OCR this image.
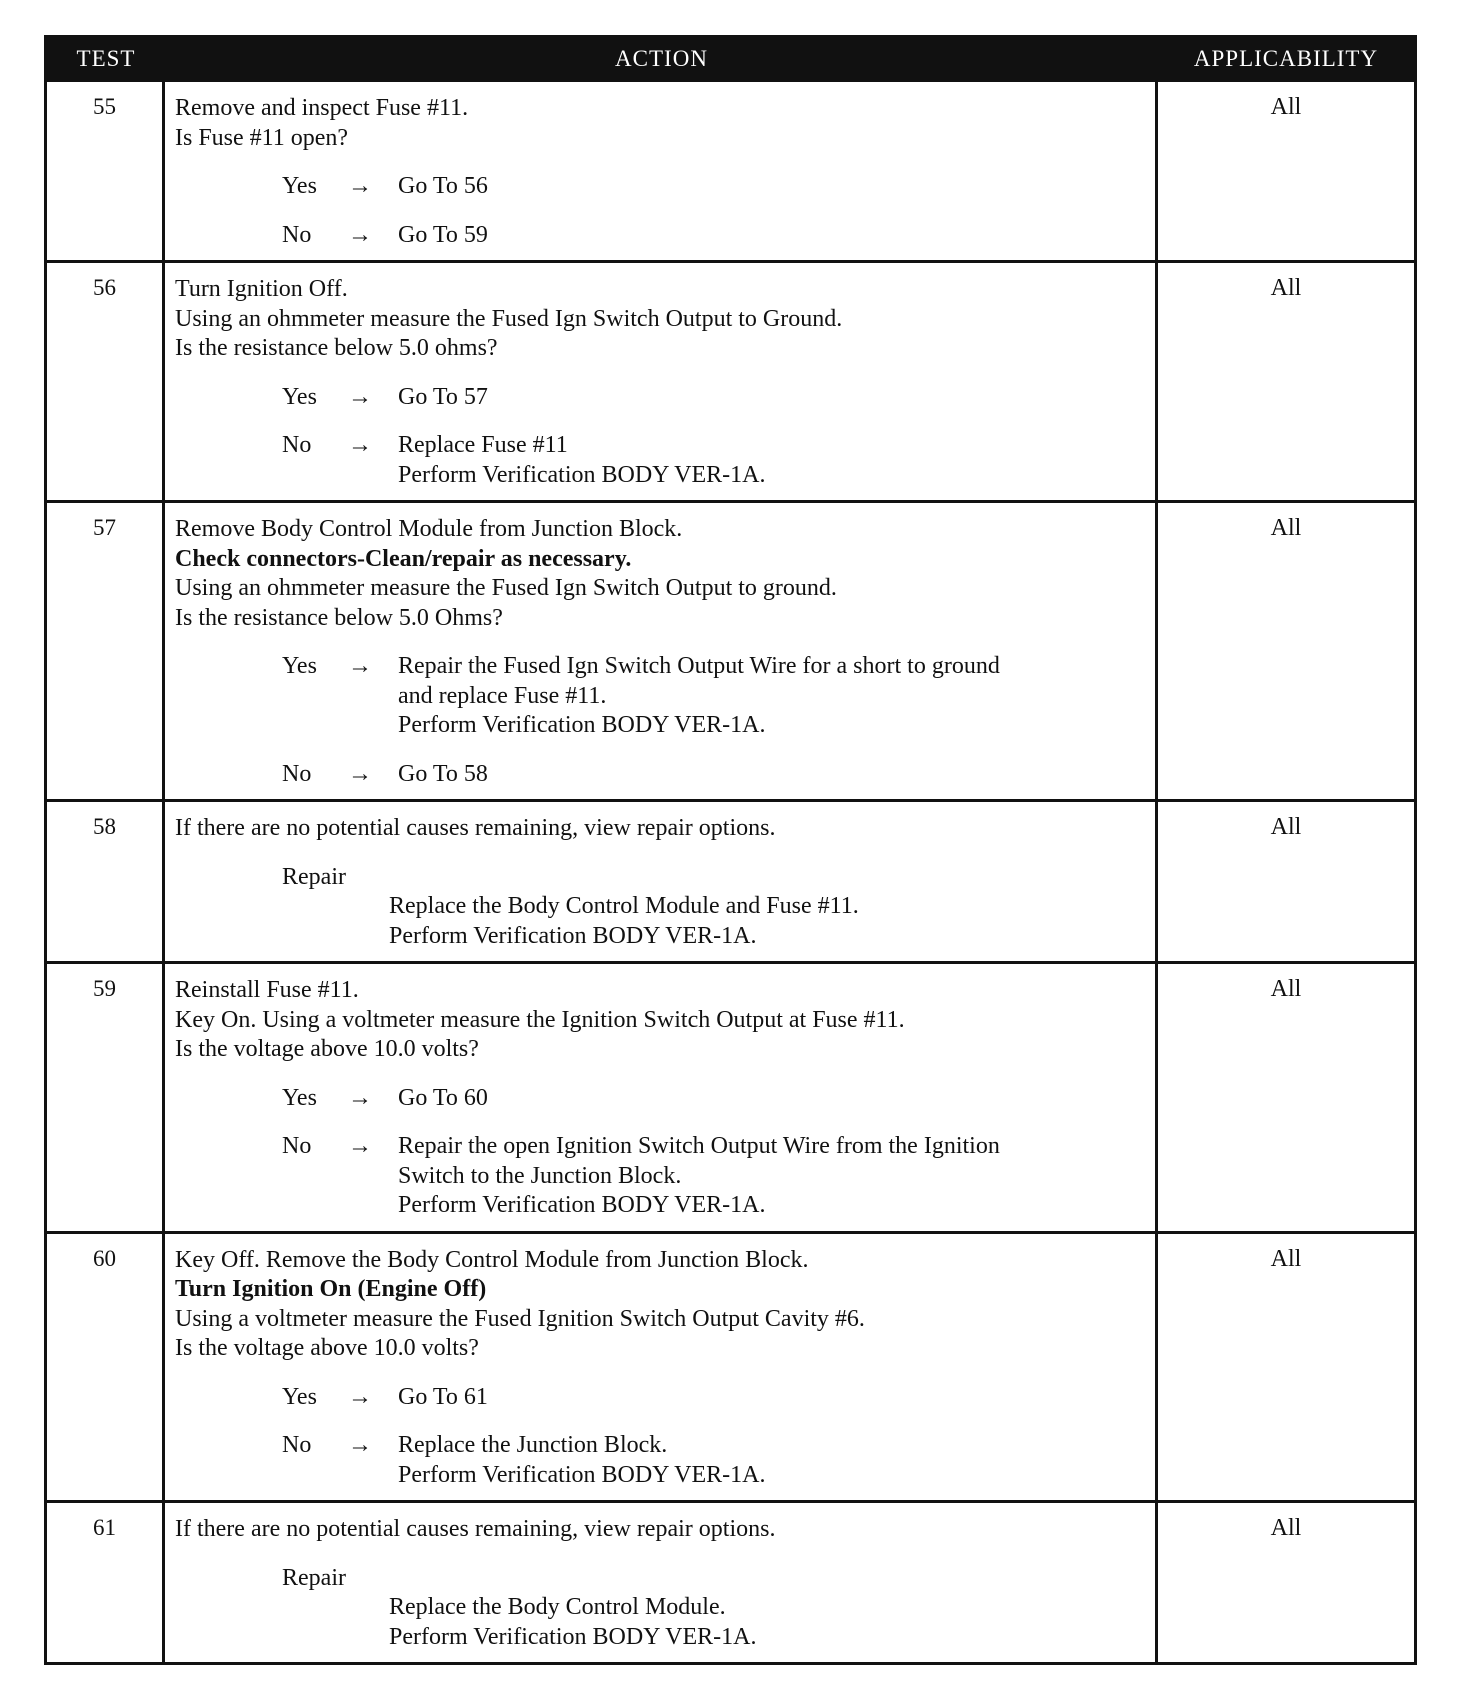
TEST	ACTION	APPLICABILITY
55	Remove and inspect Fuse #11.
Is Fuse #11 open?
Yes	→	Go To 56
No	→	Go To 59
All
56	Turn Ignition Off.
Using an ohmmeter measure the Fused Ign Switch Output to Ground.
Is the resistance below 5.0 ohms?
Yes	→	Go To 57
No	→	Replace Fuse #11
Perform Verification BODY VER-1A.
All
57	Remove Body Control Module from Junction Block.
Check connectors-Clean/repair as necessary.
Using an ohmmeter measure the Fused Ign Switch Output to ground.
Is the resistance below 5.0 Ohms?
Yes	→	Repair the Fused Ign Switch Output Wire for a short to ground
and replace Fuse #11.
Perform Verification BODY VER-1A.
No	→	Go To 58
All
58	If there are no potential causes remaining, view repair options.
Repair
Replace the Body Control Module and Fuse #11.
Perform Verification BODY VER-1A.
All
59	Reinstall Fuse #11.
Key On. Using a voltmeter measure the Ignition Switch Output at Fuse #11.
Is the voltage above 10.0 volts?
Yes	→	Go To 60
No	→	Repair the open Ignition Switch Output Wire from the Ignition
Switch to the Junction Block.
Perform Verification BODY VER-1A.
All
60	Key Off. Remove the Body Control Module from Junction Block.
Turn Ignition On (Engine Off)
Using a voltmeter measure the Fused Ignition Switch Output Cavity #6.
Is the voltage above 10.0 volts?
Yes	→	Go To 61
No	→	Replace the Junction Block.
Perform Verification BODY VER-1A.
All
61	If there are no potential causes remaining, view repair options.
Repair
Replace the Body Control Module.
Perform Verification BODY VER-1A.
All
